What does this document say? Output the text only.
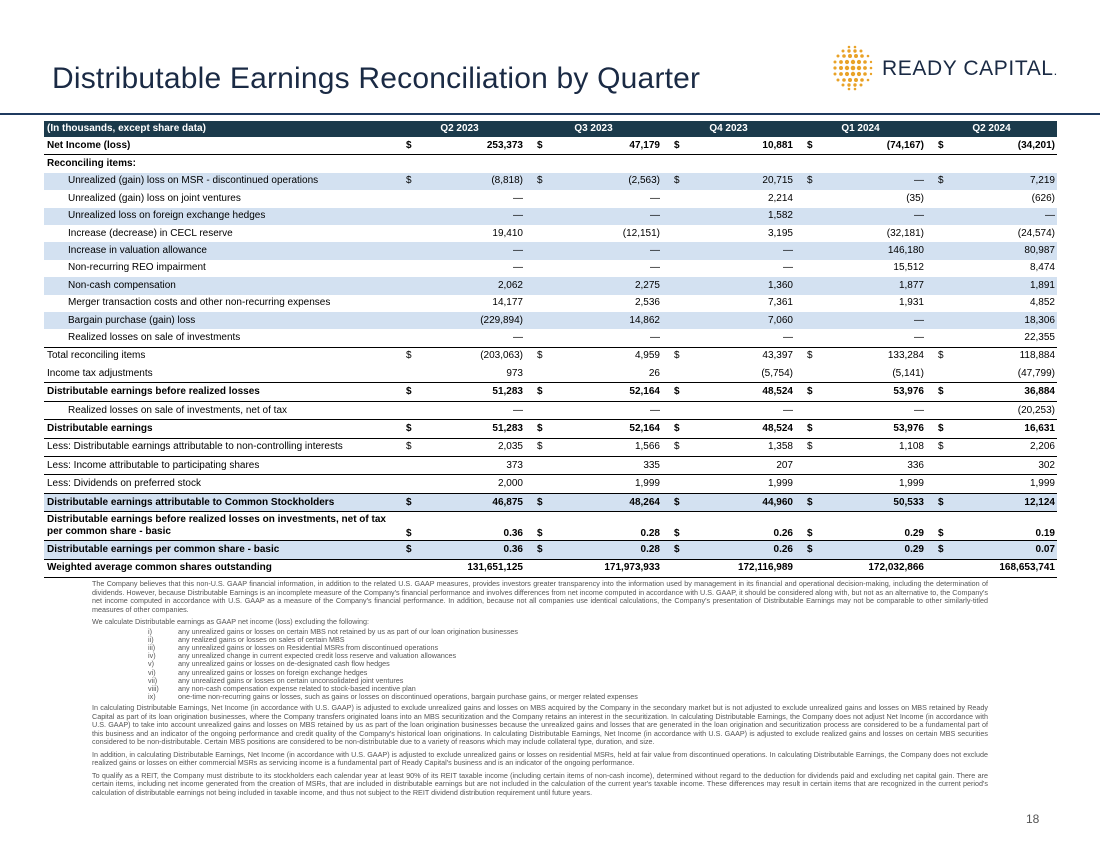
Distributable Earnings Reconciliation by Quarter	READY CAPITAL.
(In thousands, except share data)	Q2 2023		Q3 2023		Q4 2023		Q1 2024		Q2 2024	
Net Income (loss)	$	253,373	$	47,179	$	10,881	$	(74,167)	$	(34,201)
Reconciling items:										
Unrealized (gain) loss on MSR - discontinued operations	$	(8,818)	$	(2,563)	$	20,715	$	—	$	7,219
Unrealized (gain) loss on joint ventures		—		—		2,214		(35)		(626)
Unrealized loss on foreign exchange hedges		—		—		1,582		—		—
Increase (decrease) in CECL reserve		19,410		(12,151)		3,195		(32,181)		(24,574)
Increase in valuation allowance		—		—		—		146,180		80,987
Non-recurring REO impairment		—		—		—		15,512		8,474
Non-cash compensation		2,062		2,275		1,360		1,877		1,891
Merger transaction costs and other non-recurring expenses		14,177		2,536		7,361		1,931		4,852
Bargain purchase (gain) loss		(229,894)		14,862		7,060		—		18,306
Realized losses on sale of investments		—		—		—		—		22,355
Total reconciling items	$	(203,063)	$	4,959	$	43,397	$	133,284	$	118,884
Income tax adjustments		973		26		(5,754)		(5,141)		(47,799)
Distributable earnings before realized losses	$	51,283	$	52,164	$	48,524	$	53,976	$	36,884
Realized losses on sale of investments, net of tax		—		—		—		—		(20,253)
Distributable earnings	$	51,283	$	52,164	$	48,524	$	53,976	$	16,631
Less: Distributable earnings attributable to non-controlling interests	$	2,035	$	1,566	$	1,358	$	1,108	$	2,206
Less: Income attributable to participating shares		373		335		207		336		302
Less: Dividends on preferred stock		2,000		1,999		1,999		1,999		1,999
Distributable earnings attributable to Common Stockholders	$	46,875	$	48,264	$	44,960	$	50,533	$	12,124
Distributable earnings before realized losses on investments, net of tax per common share - basic	$	0.36	$	0.28	$	0.26	$	0.29	$	0.19
Distributable earnings per common share - basic	$	0.36	$	0.28	$	0.26	$	0.29	$	0.07
Weighted average common shares outstanding		131,651,125		171,973,933		172,116,989		172,032,866		168,653,741

The Company believes that this non-U.S. GAAP financial information, in addition to the related U.S. GAAP measures, provides investors greater transparency into the information used by management in its financial and operational decision-making, including the determination of dividends. However, because Distributable Earnings is an incomplete measure of the Company's financial performance and involves differences from net income computed in accordance with U.S. GAAP, it should be considered along with, but not as an alternative to, the Company's net income computed in accordance with U.S. GAAP as a measure of the Company's financial performance. In addition, because not all companies use identical calculations, the Company's presentation of Distributable Earnings may not be comparable to other similarly-titled measures of other companies.

We calculate Distributable earnings as GAAP net income (loss) excluding the following:

i)	any unrealized gains or losses on certain MBS not retained by us as part of our loan origination businesses
ii)	any realized gains or losses on sales of certain MBS
iii)	any unrealized gains or losses on Residential MSRs from discontinued operations
iv)	any unrealized change in current expected credit loss reserve and valuation allowances
v)	any unrealized gains or losses on de-designated cash flow hedges
vi)	any unrealized gains or losses on foreign exchange hedges
vii)	any unrealized gains or losses on certain unconsolidated joint ventures
viii)	any non-cash compensation expense related to stock-based incentive plan
ix)	one-time non-recurring gains or losses, such as gains or losses on discontinued operations, bargain purchase gains, or merger related expenses

In calculating Distributable Earnings, Net Income (in accordance with U.S. GAAP) is adjusted to exclude unrealized gains and losses on MBS acquired by the Company in the secondary market but is not adjusted to exclude unrealized gains and losses on MBS retained by Ready Capital as part of its loan origination businesses, where the Company transfers originated loans into an MBS securitization and the Company retains an interest in the securitization. In calculating Distributable Earnings, the Company does not adjust Net Income (in accordance with U.S. GAAP) to take into account unrealized gains and losses on MBS retained by us as part of the loan origination businesses because the unrealized gains and losses that are generated in the loan origination and securitization process are considered to be a fundamental part of this business and an indicator of the ongoing performance and credit quality of the Company's historical loan originations. In calculating Distributable Earnings, Net Income (in accordance with U.S. GAAP) is adjusted to exclude realized gains and losses on certain MBS securities considered to be non-distributable. Certain MBS positions are considered to be non-distributable due to a variety of reasons which may include collateral type, duration, and size.

In addition, in calculating Distributable Earnings, Net Income (in accordance with U.S. GAAP) is adjusted to exclude unrealized gains or losses on residential MSRs, held at fair value from discontinued operations. In calculating Distributable Earnings, the Company does not exclude realized gains or losses on either commercial MSRs as servicing income is a fundamental part of Ready Capital's business and is an indicator of the ongoing performance.

To qualify as a REIT, the Company must distribute to its stockholders each calendar year at least 90% of its REIT taxable income (including certain items of non-cash income), determined without regard to the deduction for dividends paid and excluding net capital gain. There are certain items, including net income generated from the creation of MSRs, that are included in distributable earnings but are not included in the calculation of the current year's taxable income. These differences may result in certain items that are recognized in the current period's calculation of distributable earnings not being included in taxable income, and thus not subject to the REIT dividend distribution requirement until future years.

18
